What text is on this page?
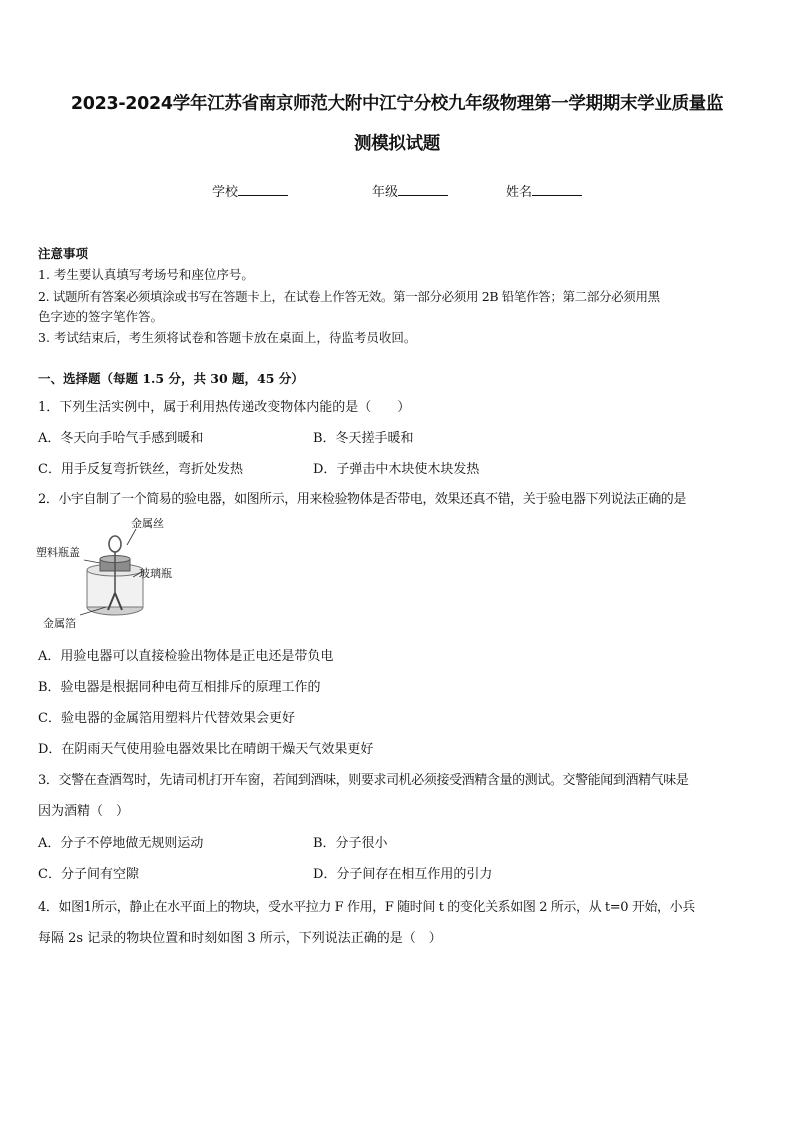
2023-2024学年江苏省南京师范大附中江宁分校九年级物理第一学期期末学业质量监
测模拟试题
学校	年级	姓名
注意事项
1. 考生要认真填写考场号和座位序号。
2. 试题所有答案必须填涂或书写在答题卡上，在试卷上作答无效。第一部分必须用 2B 铅笔作答；第二部分必须用黑
色字迹的签字笔作答。
3. 考试结束后，考生须将试卷和答题卡放在桌面上，待监考员收回。
一、选择题（每题 1.5 分，共 30 题，45 分）
1．下列生活实例中，属于利用热传递改变物体内能的是（　　）
A．冬天向手哈气手感到暖和	B．冬天搓手暖和
C．用手反复弯折铁丝，弯折处发热	D．子弹击中木块使木块发热
2．小宇自制了一个简易的验电器，如图所示，用来检验物体是否带电，效果还真不错，关于验电器下列说法正确的是
金属丝
塑料瓶盖
玻璃瓶
金属箔
A．用验电器可以直接检验出物体是正电还是带负电
B．验电器是根据同种电荷互相排斥的原理工作的
C．验电器的金属箔用塑料片代替效果会更好
D．在阴雨天气使用验电器效果比在晴朗干燥天气效果更好
3．交警在查酒驾时，先请司机打开车窗，若闻到酒味，则要求司机必须接受酒精含量的测试。交警能闻到酒精气味是
因为酒精（　）
A．分子不停地做无规则运动	B．分子很小
C．分子间有空隙	D．分子间存在相互作用的引力
4．如图1所示，静止在水平面上的物块，受水平拉力 F 作用，F 随时间 t 的变化关系如图 2 所示，从 t=0 开始，小兵
每隔 2s 记录的物块位置和时刻如图 3 所示，下列说法正确的是（　）
